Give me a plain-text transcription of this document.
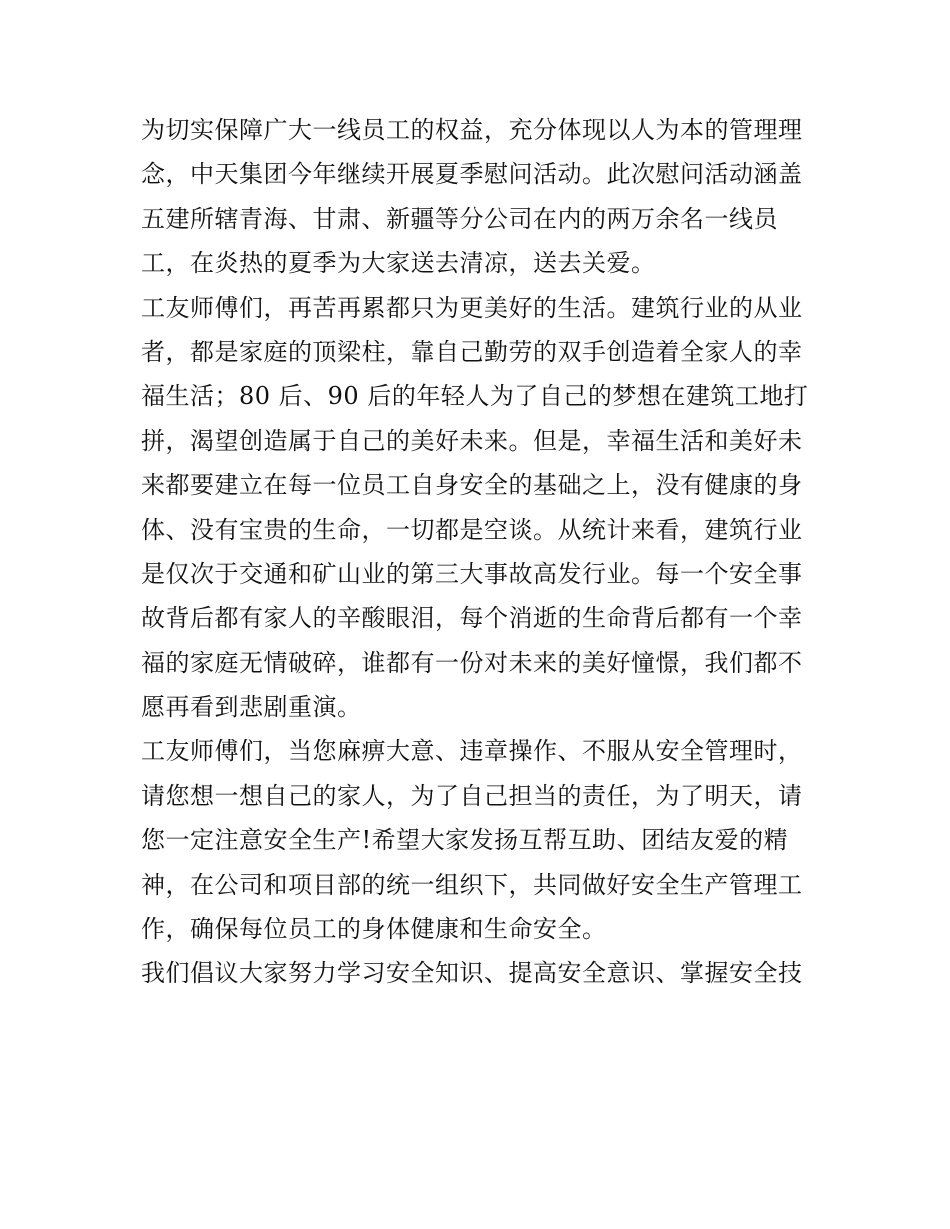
为切实保障广大一线员工的权益，充分体现以人为本的管理理
念，中天集团今年继续开展夏季慰问活动。此次慰问活动涵盖
五建所辖青海、甘肃、新疆等分公司在内的两万余名一线员
工，在炎热的夏季为大家送去清凉，送去关爱。
工友师傅们，再苦再累都只为更美好的生活。建筑行业的从业
者，都是家庭的顶梁柱，靠自己勤劳的双手创造着全家人的幸
福生活；80 后、90 后的年轻人为了自己的梦想在建筑工地打
拼，渴望创造属于自己的美好未来。但是，幸福生活和美好未
来都要建立在每一位员工自身安全的基础之上，没有健康的身
体、没有宝贵的生命，一切都是空谈。从统计来看，建筑行业
是仅次于交通和矿山业的第三大事故高发行业。每一个安全事
故背后都有家人的辛酸眼泪，每个消逝的生命背后都有一个幸
福的家庭无情破碎，谁都有一份对未来的美好憧憬，我们都不
愿再看到悲剧重演。
工友师傅们，当您麻痹大意、违章操作、不服从安全管理时，
请您想一想自己的家人，为了自己担当的责任，为了明天，请
您一定注意安全生产!希望大家发扬互帮互助、团结友爱的精
神，在公司和项目部的统一组织下，共同做好安全生产管理工
作，确保每位员工的身体健康和生命安全。
我们倡议大家努力学习安全知识、提高安全意识、掌握安全技
